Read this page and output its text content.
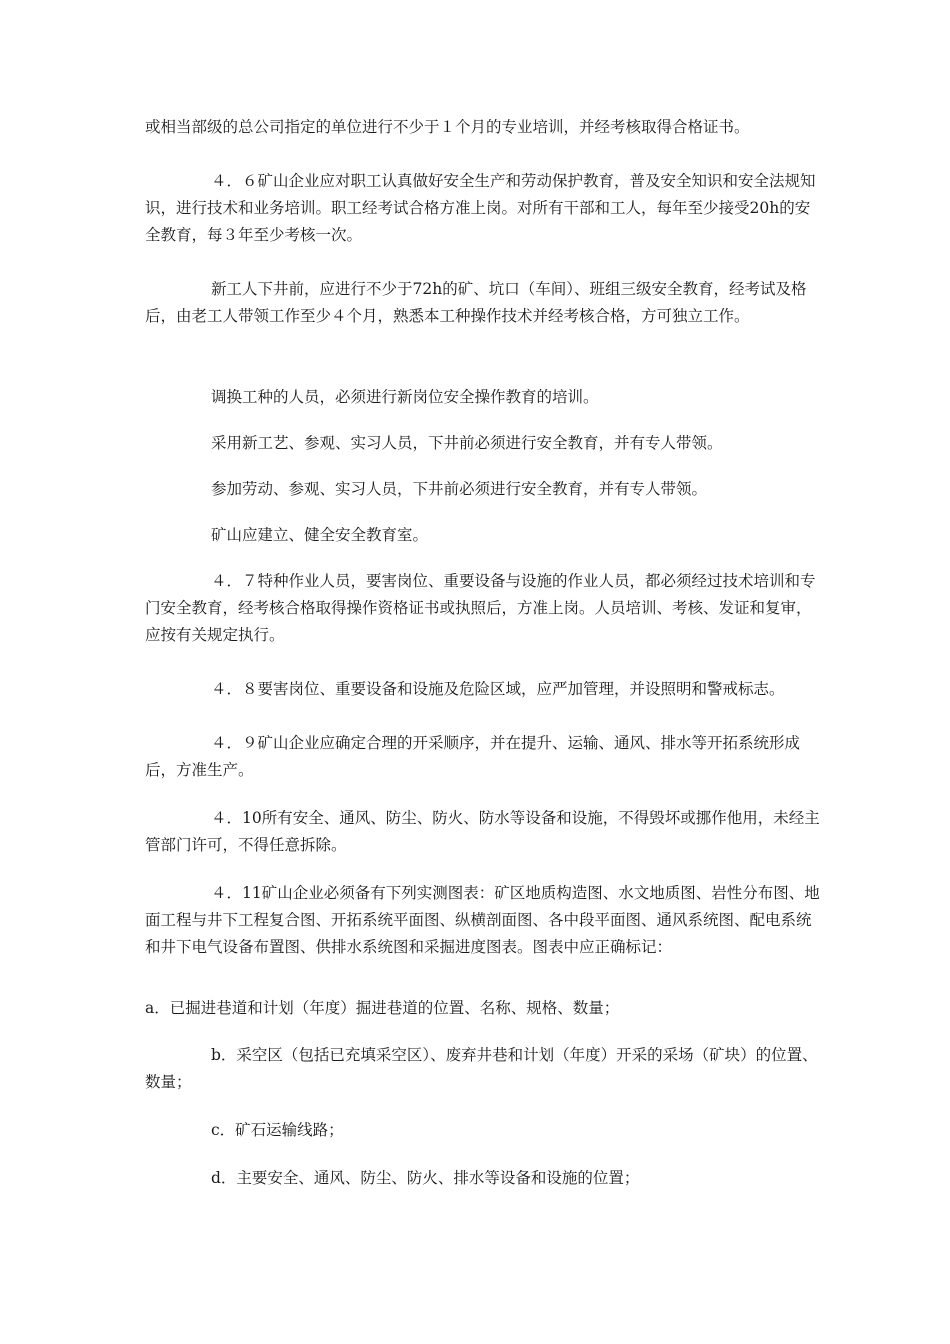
或相当部级的总公司指定的单位进行不少于１个月的专业培训，并经考核取得合格证书。

４．６矿山企业应对职工认真做好安全生产和劳动保护教育，普及安全知识和安全法规知识，进行技术和业务培训。职工经考试合格方准上岗。对所有干部和工人，每年至少接受20h的安全教育，每３年至少考核一次。

新工人下井前，应进行不少于72h的矿、坑口（车间）、班组三级安全教育，经考试及格后，由老工人带领工作至少４个月，熟悉本工种操作技术并经考核合格，方可独立工作。

调换工种的人员，必须进行新岗位安全操作教育的培训。

采用新工艺、参观、实习人员，下井前必须进行安全教育，并有专人带领。

参加劳动、参观、实习人员，下井前必须进行安全教育，并有专人带领。

矿山应建立、健全安全教育室。

４．７特种作业人员，要害岗位、重要设备与设施的作业人员，都必须经过技术培训和专门安全教育，经考核合格取得操作资格证书或执照后，方准上岗。人员培训、考核、发证和复审，应按有关规定执行。

４．８要害岗位、重要设备和设施及危险区域，应严加管理，并设照明和警戒标志。

４．９矿山企业应确定合理的开采顺序，并在提升、运输、通风、排水等开拓系统形成后，方准生产。

４．10所有安全、通风、防尘、防火、防水等设备和设施，不得毁坏或挪作他用，未经主管部门许可，不得任意拆除。

４．11矿山企业必须备有下列实测图表：矿区地质构造图、水文地质图、岩性分布图、地面工程与井下工程复合图、开拓系统平面图、纵横剖面图、各中段平面图、通风系统图、配电系统和井下电气设备布置图、供排水系统图和采掘进度图表。图表中应正确标记：

a．已掘进巷道和计划（年度）掘进巷道的位置、名称、规格、数量；

b．采空区（包括已充填采空区）、废弃井巷和计划（年度）开采的采场（矿块）的位置、数量；

c．矿石运输线路；

d．主要安全、通风、防尘、防火、排水等设备和设施的位置；
